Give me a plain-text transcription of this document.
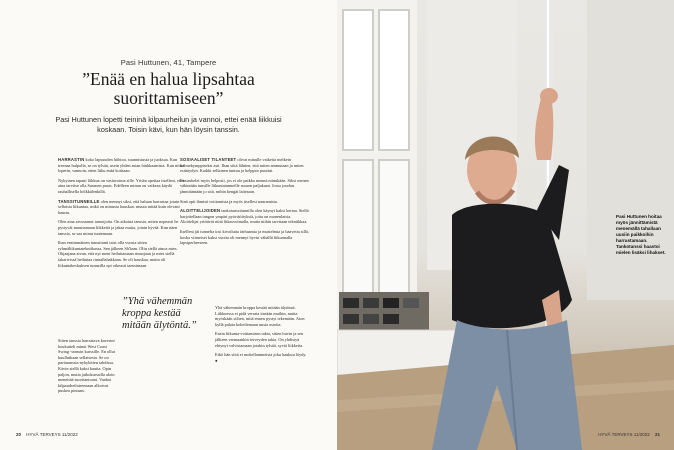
Pasi Huttunen, 41, Tampere
”Enää en halua lipsahtaa
suorittamiseen”
Pasi Huttunen lopetti teininä kilpaurheilun ja vannoi, ettei enää liikkuisi koskaan. Toisin kävi, kun hän löysin tanssin.

HARRASTIN koko lapsuuden hiihtoa, suunnistusta ja juoksua. Kun treenaa hulpolla, se on tylsää, usein yhden asian hinkkaamista. Kun niistä lopetin, vannoin, etten liiku enää koskaan.

Nykyinen tapani liikkua on vastavoima sille. Yritän opettaa itselleni, ettei aina tarvitse olla Suomen paras. Edelleen minun on vaikeaa käydä rauhallisella hölkkälenkillä.

TANSSITUNNEILLE olen mennyt siksi, että haluan harrastaa jotain sellaista liikuntaa, mikä on minusta hauskaa: muuta mitää kuin olevani hauras.

Olen aina arvostanut tanssijoita. On aikoina tanssia, miten nopeasti he pystyvät muuttamaan liikkeitä ja jakaa muita, jotain hyvää. Kun näen tanssia, se saa minut tuntemaan.

Ihan ensimmäinen tanssitunti taisi olla vuosia sitten ryhmäliikuntatekniikassa. Sen jälkeen Sh'bam. Olin siellä ainoa mies. Ohjaajana aivan, että nyt meni heiluttamaan rinnojaan ja mies siellä takarivissä heiluttaa rinnallahakkaan. Se oli hauskaa, mutta oli liikuntakeskuksen tunneilla opi oikeasti tanssimaan.

Sitten tanssia harrastava kaverini houkutteli minut West Coast Swing -tanssin kurssille. En ollut kuullutkaan sellaisesta. Se on parituanssia nykyhitien tahdissa. Kävin siellä kaksi kautta. Opin paljon, mutta jatkokurssilla aloin menettää suoritantoani. Vanhat kilpaurheilutreenaan alkoivat puskea pintaan.

SOSIAALISET TILANTEET olivat minulle vaikeita melkein kolmekymppiseksi asti. Ihan siitä lähtien, että miten ammutaan ja miten esittäydyn. Kaikki sellainen tuntuu ja helppoo puuttui.

Ensiaskelet myös helposti, jos ei ole paikka mennä minukään. Siksi menen vähintään tunsille liikuntatunneille suuren paljakaan. Jossa joudun jännittämään jo sitä, mihin kengät laitetaan.

Sinä opit ihmisä voittamista ja myös itsellesi nauramista.

ALOITTELIJOIDEN tankotanssitunnilla olen käynyt kaksi kertaa. Siellä harjoitellaan tangon ympäri pyöriäöityksiä, joita on monenlaisia. Aloittelijat yrittävät niitä liikasvoimalla, mutta niihin tarvitaan tekniikkaa.

Itselleni jäi tunnelta tosi kivoilutta tärhaamia ja mustelmia ja haaveita sillä, koska viimeiset kaksi vuotta oli mennyt hyvin vähällä liikunnalla lapsiperheeseen.

Yhä vähemmän kroppa kestää mitään älytöntä. Liikkuessa ei pidä verrata itseään muihin, mutta myöskään siihen, mitä ennen pystyi tekemään. Aion kyllä palata kokeilemaan uusia asioita.

Ensin liikunta-voittamisen takia, sitten huvin ja sen jälkeen varmaankin terveyden takia. On yhdistyä ehtynyt valvistamaan jotakin tylsää, syviä liikkeita.

Eikö hän siitä ei mokellammeista joku haukuu löydy. ●

”Yhä vähemmän kroppa kestää mitään älytöntä.”
20 HYVÄ TERVEYS 11/2022
Pasi Huttunen hoitaa myös jännittämistä menemällä tahallaan uusiin paikkoihin harrastamaan. Tankotanssi haastoi mielen lisäksi lihakset.
HYVÄ TERVEYS 11/2022 21
